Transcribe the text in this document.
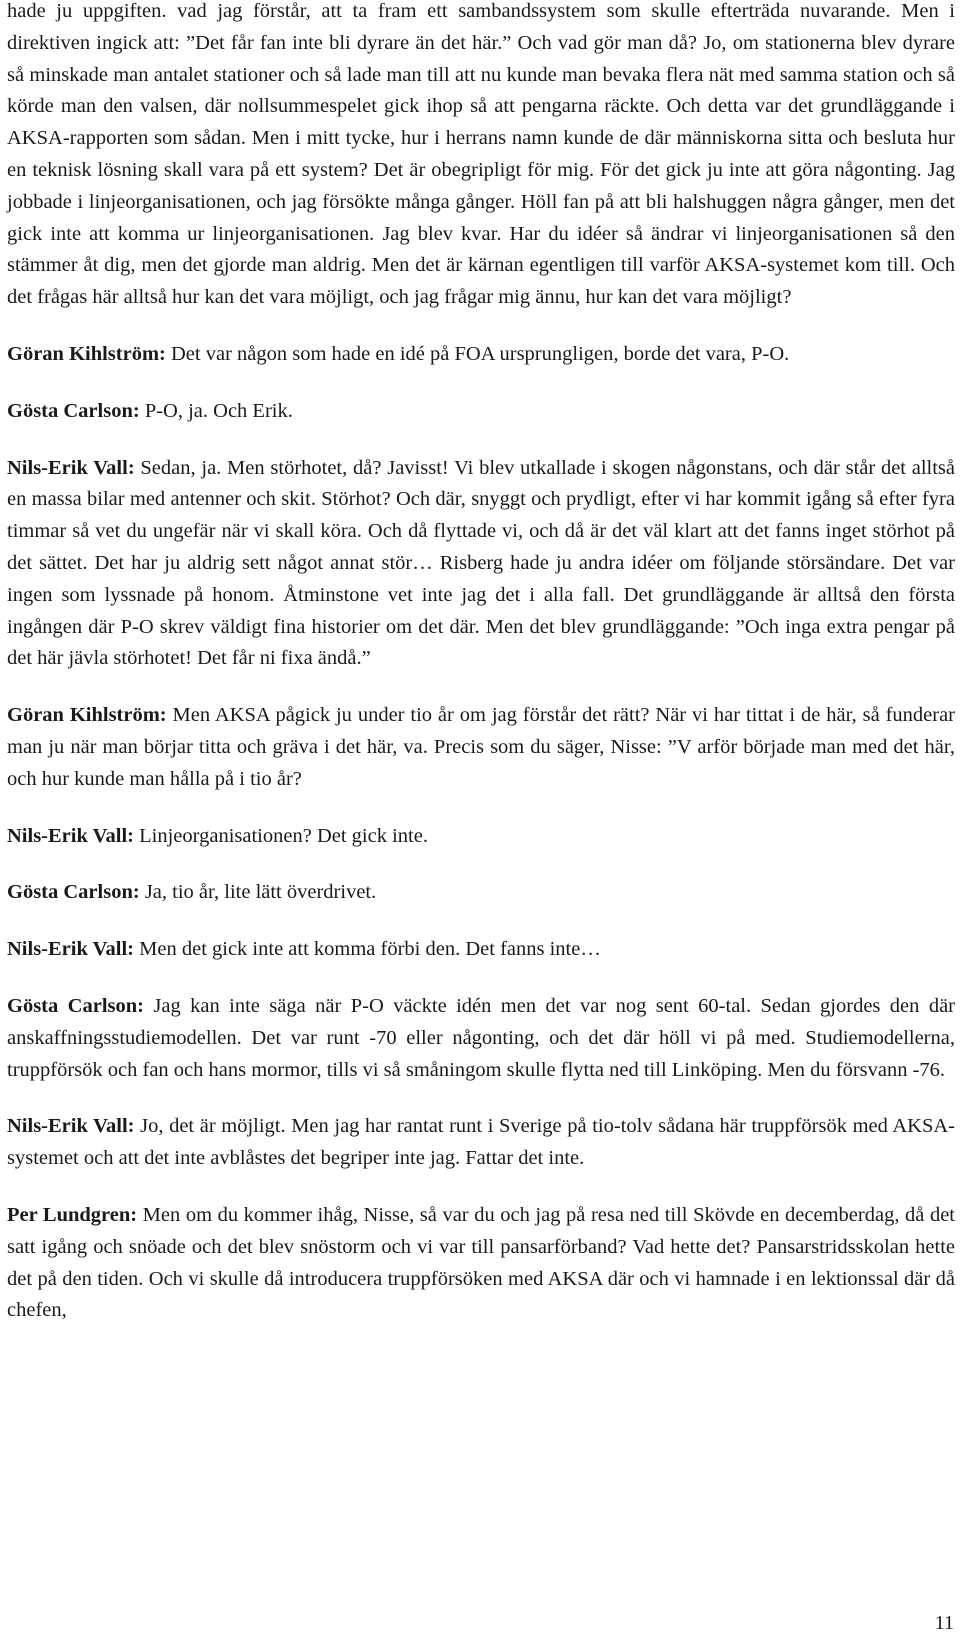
hade ju uppgiften. vad jag förstår, att ta fram ett sambandssystem som skulle efterträda nuvarande. Men i direktiven ingick att: ”Det får fan inte bli dyrare än det här.” Och vad gör man då? Jo, om stationerna blev dyrare så minskade man antalet stationer och så lade man till att nu kunde man bevaka flera nät med samma station och så körde man den valsen, där nollsummespelet gick ihop så att pengarna räckte. Och detta var det grundläggande i AKSA-rapporten som sådan. Men i mitt tycke, hur i herrans namn kunde de där människorna sitta och besluta hur en teknisk lösning skall vara på ett system? Det är obegripligt för mig. För det gick ju inte att göra någonting. Jag jobbade i linjeorganisationen, och jag försökte många gånger. Höll fan på att bli halshuggen några gånger, men det gick inte att komma ur linjeorganisationen. Jag blev kvar. Har du idéer så ändrar vi linjeorganisationen så den stämmer åt dig, men det gjorde man aldrig. Men det är kärnan egentligen till varför AKSA-systemet kom till. Och det frågas här alltså hur kan det vara möjligt, och jag frågar mig ännu, hur kan det vara möjligt?

Göran Kihlström: Det var någon som hade en idé på FOA ursprungligen, borde det vara, P-O.

Gösta Carlson: P-O, ja. Och Erik.

Nils-Erik Vall: Sedan, ja. Men störhotet, då? Javisst! Vi blev utkallade i skogen någonstans, och där står det alltså en massa bilar med antenner och skit. Störhot? Och där, snyggt och prydligt, efter vi har kommit igång så efter fyra timmar så vet du ungefär när vi skall köra. Och då flyttade vi, och då är det väl klart att det fanns inget störhot på det sättet. Det har ju aldrig sett något annat stör… Risberg hade ju andra idéer om följande störsändare. Det var ingen som lyssnade på honom. Åtminstone vet inte jag det i alla fall. Det grundläggande är alltså den första ingången där P-O skrev väldigt fina historier om det där. Men det blev grundläggande: ”Och inga extra pengar på det här jävla störhotet! Det får ni fixa ändå.”

Göran Kihlström: Men AKSA pågick ju under tio år om jag förstår det rätt? När vi har tittat i de här, så funderar man ju när man börjar titta och gräva i det här, va. Precis som du säger, Nisse: ”V arför började man med det här, och hur kunde man hålla på i tio år?

Nils-Erik Vall: Linjeorganisationen? Det gick inte.

Gösta Carlson: Ja, tio år, lite lätt överdrivet.

Nils-Erik Vall: Men det gick inte att komma förbi den. Det fanns inte…

Gösta Carlson: Jag kan inte säga när P-O väckte idén men det var nog sent 60-tal. Sedan gjordes den där anskaffningsstudiemodellen. Det var runt -70 eller någonting, och det där höll vi på med. Studiemodellerna, truppförsök och fan och hans mormor, tills vi så småningom skulle flytta ned till Linköping. Men du försvann -76.

Nils-Erik Vall: Jo, det är möjligt. Men jag har rantat runt i Sverige på tio-tolv sådana här truppförsök med AKSA-systemet och att det inte avblåstes det begriper inte jag. Fattar det inte.

Per Lundgren: Men om du kommer ihåg, Nisse, så var du och jag på resa ned till Skövde en decemberdag, då det satt igång och snöade och det blev snöstorm och vi var till pansarförband? Vad hette det? Pansarstridsskolan hette det på den tiden. Och vi skulle då introducera truppförsöken med AKSA där och vi hamnade i en lektionssal där då chefen,

11
